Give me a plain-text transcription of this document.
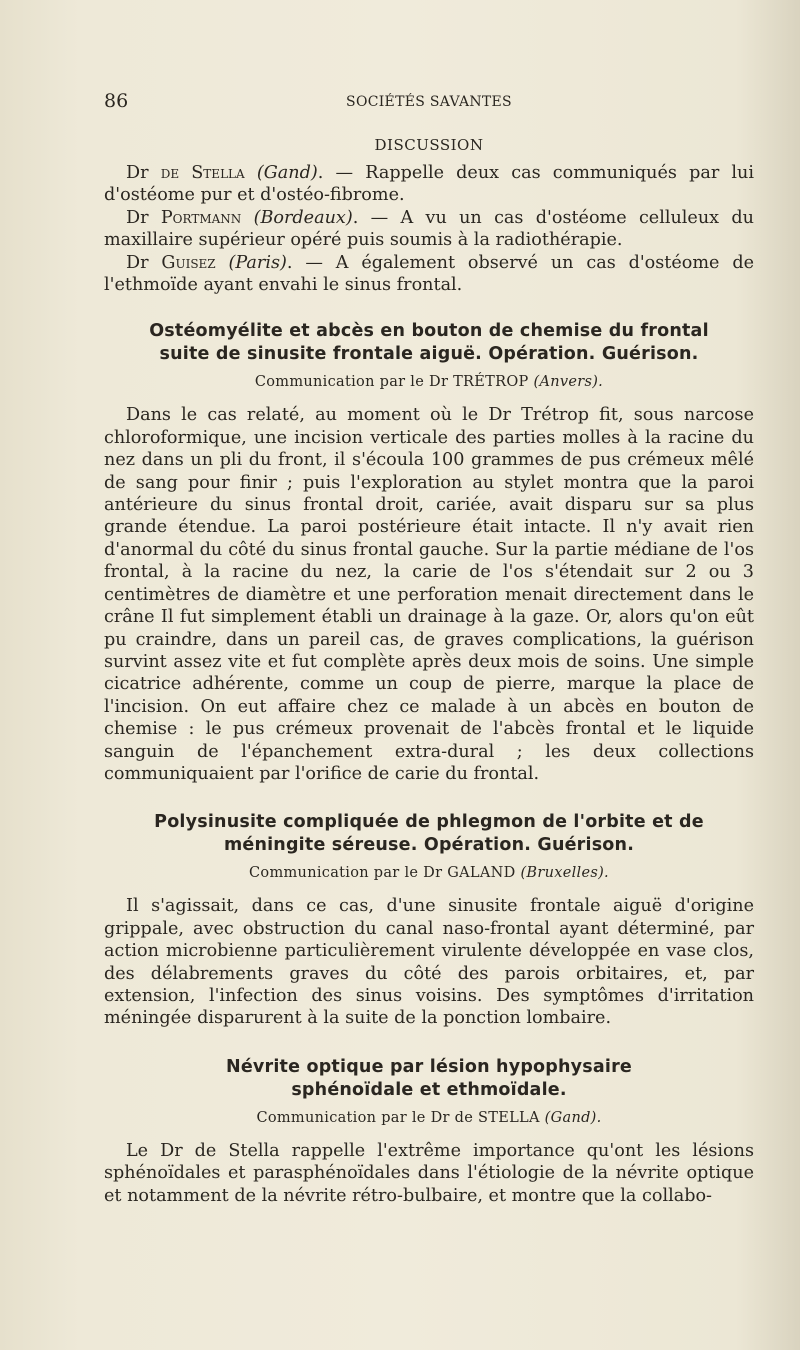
86	SOCIÉTÉS SAVANTES
DISCUSSION

Dr de Stella (Gand). — Rappelle deux cas communiqués par lui d'ostéome pur et d'ostéo-fibrome.

Dr Portmann (Bordeaux). — A vu un cas d'ostéome celluleux du maxillaire supérieur opéré puis soumis à la radiothérapie.

Dr Guisez (Paris). — A également observé un cas d'ostéome de l'ethmoïde ayant envahi le sinus frontal.

Ostéomyélite et abcès en bouton de chemise du frontal
suite de sinusite frontale aiguë. Opération. Guérison.
Communication par le Dr TRÉTROP (Anvers).

Dans le cas relaté, au moment où le Dr Trétrop fit, sous narcose chloroformique, une incision verticale des parties molles à la racine du nez dans un pli du front, il s'écoula 100 grammes de pus crémeux mêlé de sang pour finir ; puis l'exploration au stylet montra que la paroi antérieure du sinus frontal droit, cariée, avait disparu sur sa plus grande étendue. La paroi postérieure était intacte. Il n'y avait rien d'anormal du côté du sinus frontal gauche. Sur la partie médiane de l'os frontal, à la racine du nez, la carie de l'os s'étendait sur 2 ou 3 centimètres de diamètre et une perforation menait directement dans le crâne Il fut simplement établi un drainage à la gaze. Or, alors qu'on eût pu craindre, dans un pareil cas, de graves complications, la guérison survint assez vite et fut complète après deux mois de soins. Une simple cicatrice adhérente, comme un coup de pierre, marque la place de l'incision. On eut affaire chez ce malade à un abcès en bouton de chemise : le pus crémeux provenait de l'abcès frontal et le liquide sanguin de l'épanchement extra-dural ; les deux collections communiquaient par l'orifice de carie du frontal.

Polysinusite compliquée de phlegmon de l'orbite et de
méningite séreuse. Opération. Guérison.
Communication par le Dr GALAND (Bruxelles).

Il s'agissait, dans ce cas, d'une sinusite frontale aiguë d'origine grippale, avec obstruction du canal naso-frontal ayant déterminé, par action microbienne particulièrement virulente développée en vase clos, des délabrements graves du côté des parois orbitaires, et, par extension, l'infection des sinus voisins. Des symptômes d'irritation méningée disparurent à la suite de la ponction lombaire.

Névrite optique par lésion hypophysaire
sphénoïdale et ethmoïdale.
Communication par le Dr de STELLA (Gand).

Le Dr de Stella rappelle l'extrême importance qu'ont les lésions sphénoïdales et parasphénoïdales dans l'étiologie de la névrite optique et notamment de la névrite rétro-bulbaire, et montre que la collabo-
